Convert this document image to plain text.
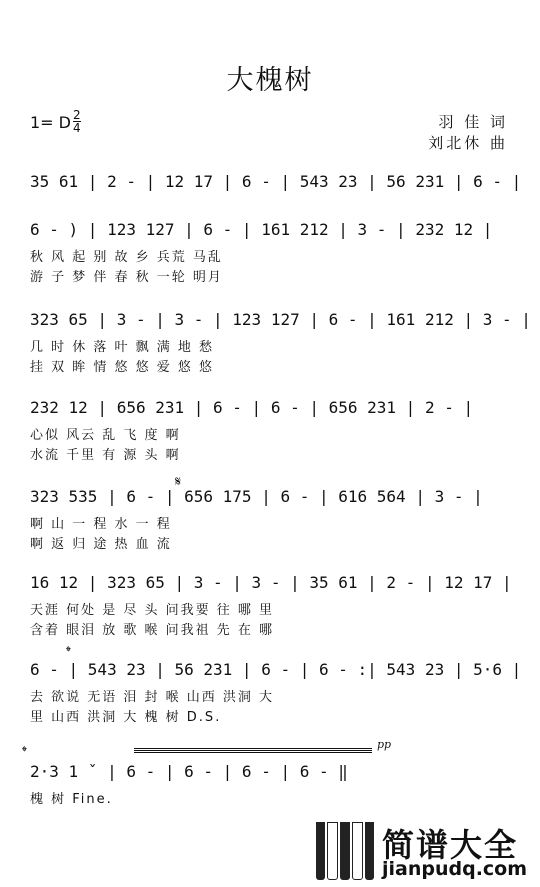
大槐树
1= D $\frac{2}{4}$	羽 佳 词
刘北休 曲
35 61 | 2 - | 12 17 | 6 - | 543 23 | 56 231 | 6 - |
6 - ) | 123 127 | 6 - | 161 212 | 3 - | 232 12 |
秋 风 起 别 故 乡 兵荒 马乱
游 子 梦 伴 春 秋 一轮 明月
323 65 | 3 - | 3 - | 123 127 | 6 - | 161 212 | 3 - |
几 时 休 落 叶 飘 满 地 愁
挂 双 眸 情 悠 悠 爱 悠 悠
232 12 | 656 231 | 6 - | 6 - | 656 231 | 2 - |
心似 风云 乱 飞 度 啊
水流 千里 有 源 头 啊
𝄋
323 535 | 6 - | 656 175 | 6 - | 616 564 | 3 - |
啊 山 一 程 水 一 程
啊 返 归 途 热 血 流
16 12 | 323 65 | 3 - | 3 - | 35 61 | 2 - | 12 17 |
天涯 何处 是 尽 头 问我要 往 哪 里
含着 眼泪 放 歌 喉 问我祖 先 在 哪
𝄌
𝄌
6 - | 543 23 | 56 231 | 6 - | 6 - :| 543 23 | 5·6 |
去 欲说 无语 泪 封 喉 山西 洪洞 大
里 山西 洪洞 大 槐 树 D.S.
pp
2·3 1 ˇ | 6 - | 6 - | 6 - | 6 - ‖
槐 树 Fine.
简谱大全
jianpudq.com
